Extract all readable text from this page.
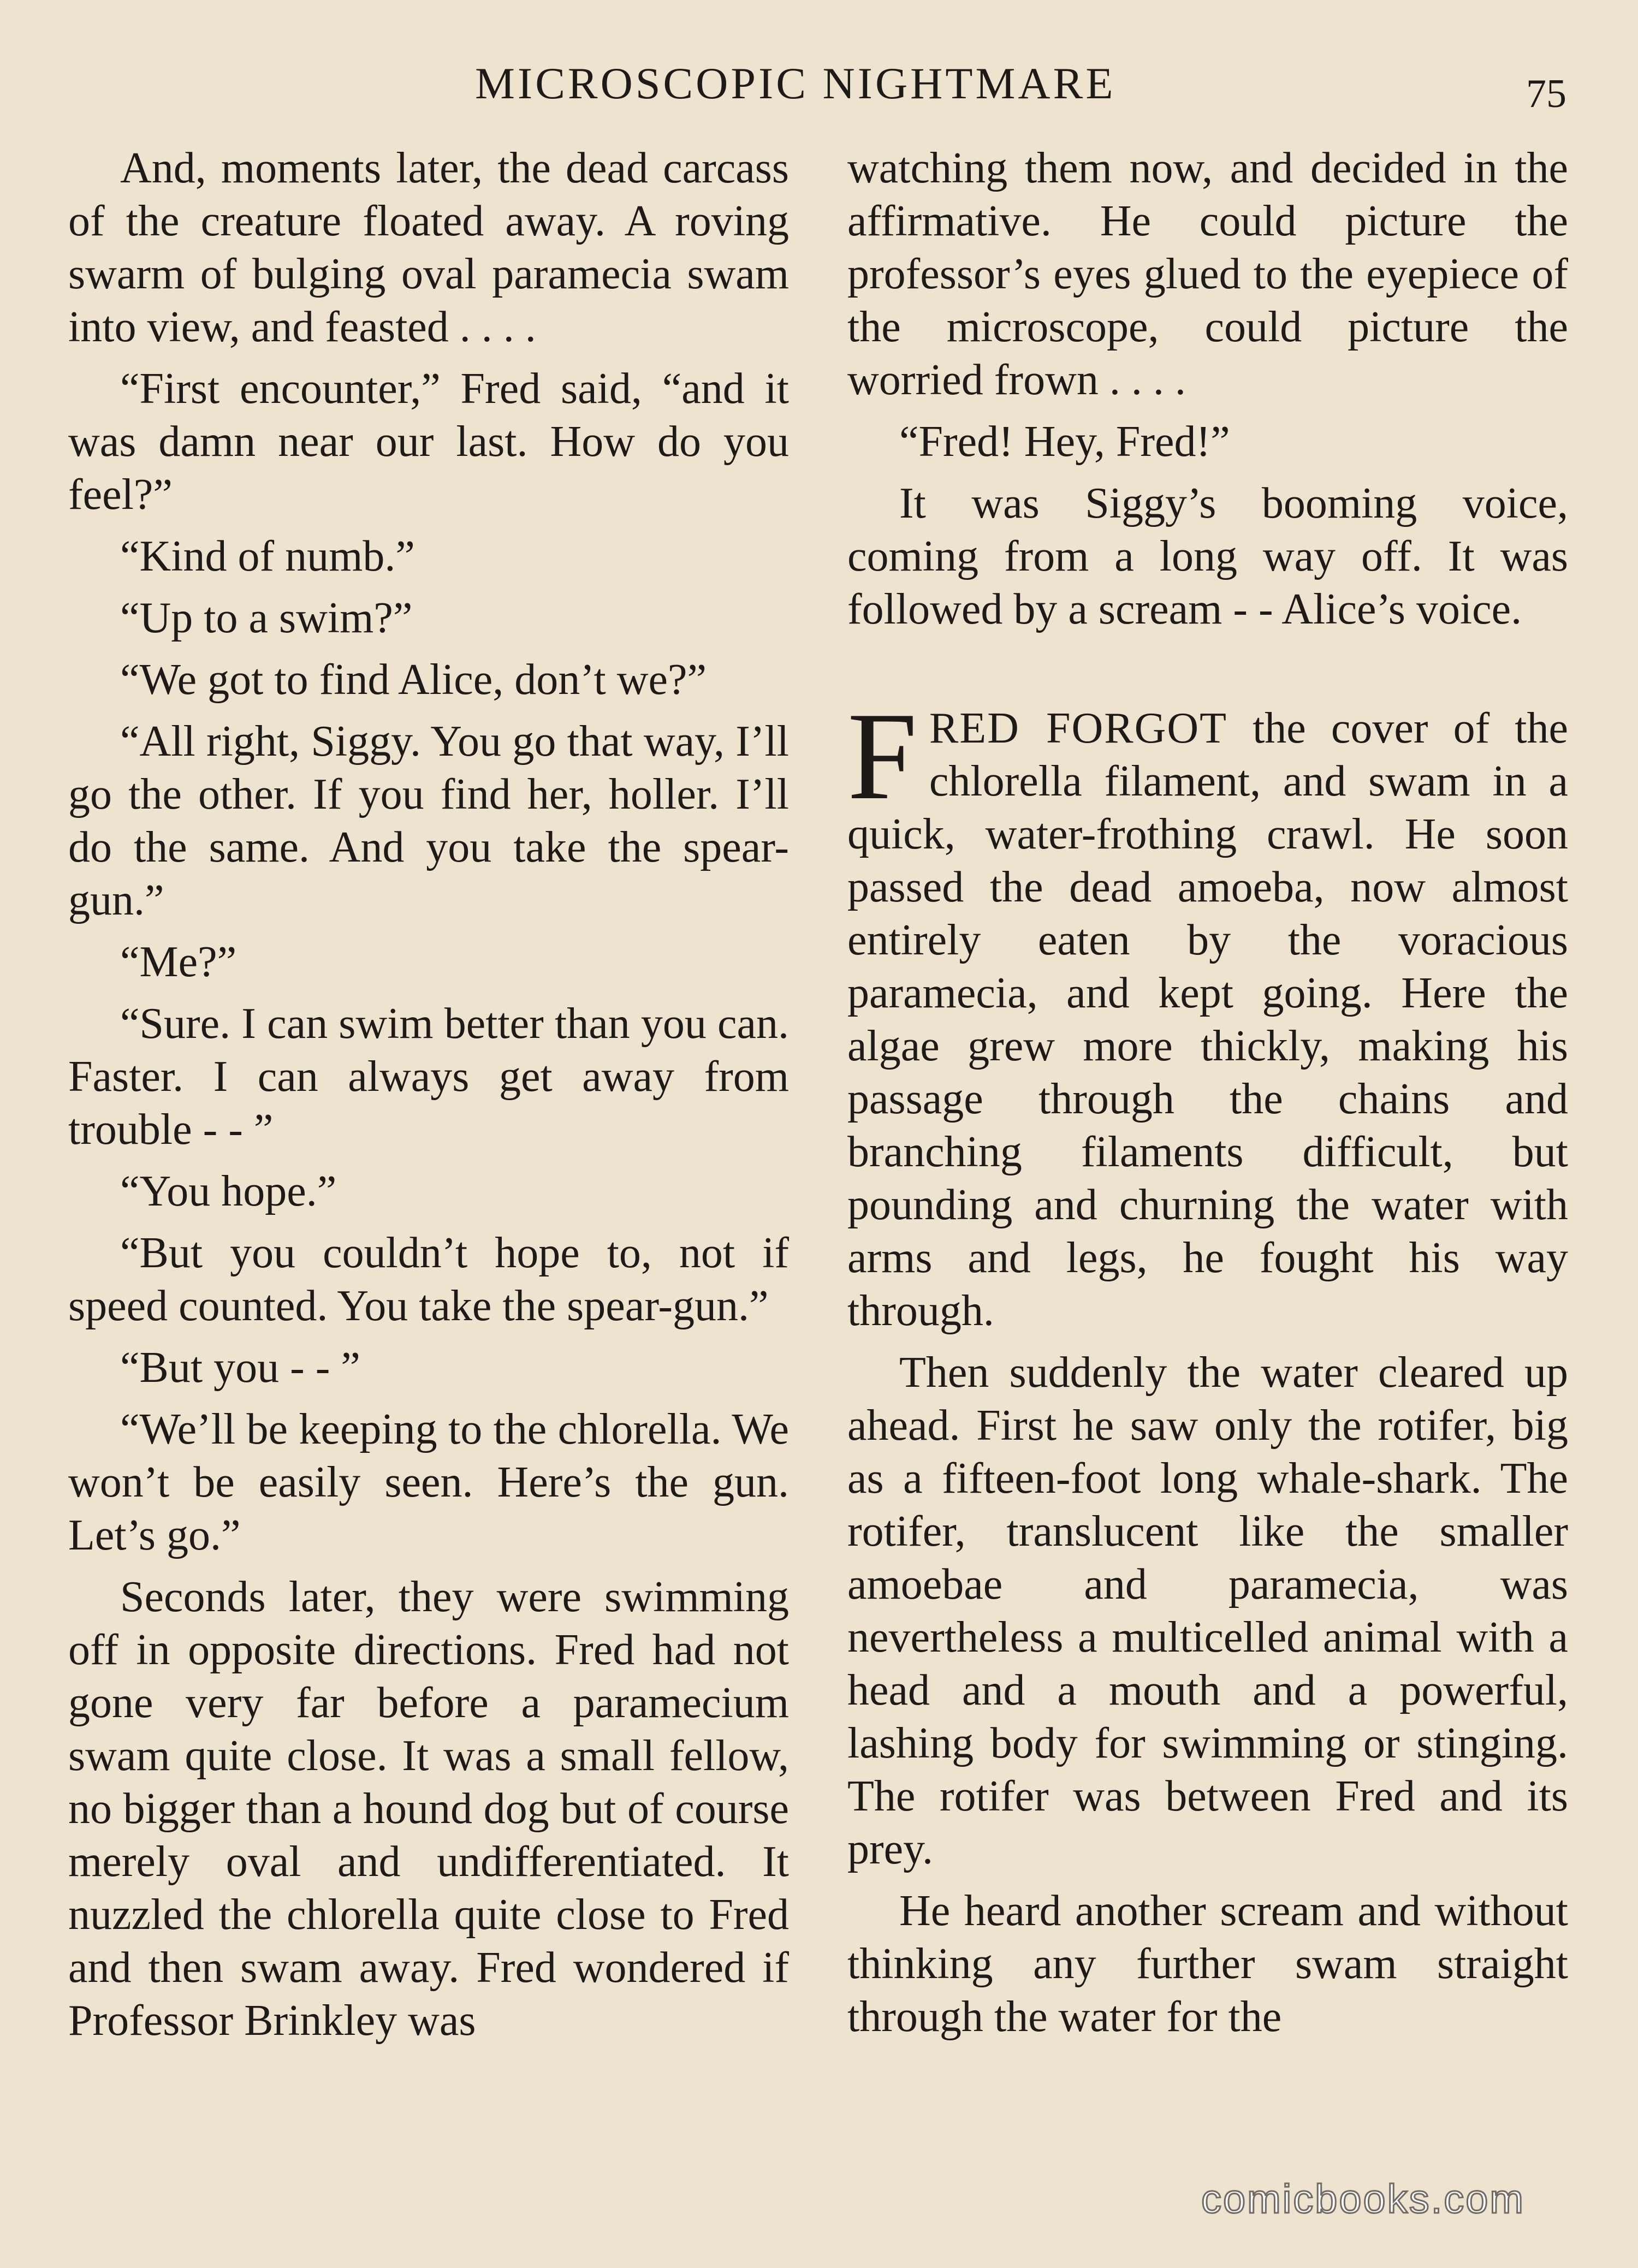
MICROSCOPIC NIGHTMARE	75

And, moments later, the dead carcass of the creature floated away. A roving swarm of bulging oval paramecia swam into view, and feasted . . . .

“First encounter,” Fred said, “and it was damn near our last. How do you feel?”

“Kind of numb.”

“Up to a swim?”

“We got to find Alice, don’t we?”

“All right, Siggy. You go that way, I’ll go the other. If you find her, holler. I’ll do the same. And you take the spear-gun.”

“Me?”

“Sure. I can swim better than you can. Faster. I can always get away from trouble - - ”

“You hope.”

“But you couldn’t hope to, not if speed counted. You take the spear-gun.”

“But you - - ”

“We’ll be keeping to the chlorella. We won’t be easily seen. Here’s the gun. Let’s go.”

Seconds later, they were swimming off in opposite directions. Fred had not gone very far before a paramecium swam quite close. It was a small fellow, no bigger than a hound dog but of course merely oval and undifferentiated. It nuzzled the chlorella quite close to Fred and then swam away. Fred wondered if Professor Brinkley was

watching them now, and decided in the affirmative. He could picture the professor’s eyes glued to the eyepiece of the microscope, could picture the worried frown . . . .

“Fred! Hey, Fred!”

It was Siggy’s booming voice, coming from a long way off. It was followed by a scream - - Alice’s voice.

FRED FORGOT the cover of the chlorella filament, and swam in a quick, water-frothing crawl. He soon passed the dead amoeba, now almost entirely eaten by the voracious paramecia, and kept going. Here the algae grew more thickly, making his passage through the chains and branching filaments difficult, but pounding and churning the water with arms and legs, he fought his way through.

Then suddenly the water cleared up ahead. First he saw only the rotifer, big as a fifteen-foot long whale-shark. The rotifer, translucent like the smaller amoebae and paramecia, was nevertheless a multicelled animal with a head and a mouth and a powerful, lashing body for swimming or stinging. The rotifer was between Fred and its prey.

He heard another scream and without thinking any further swam straight through the water for the

comicbooks.com
